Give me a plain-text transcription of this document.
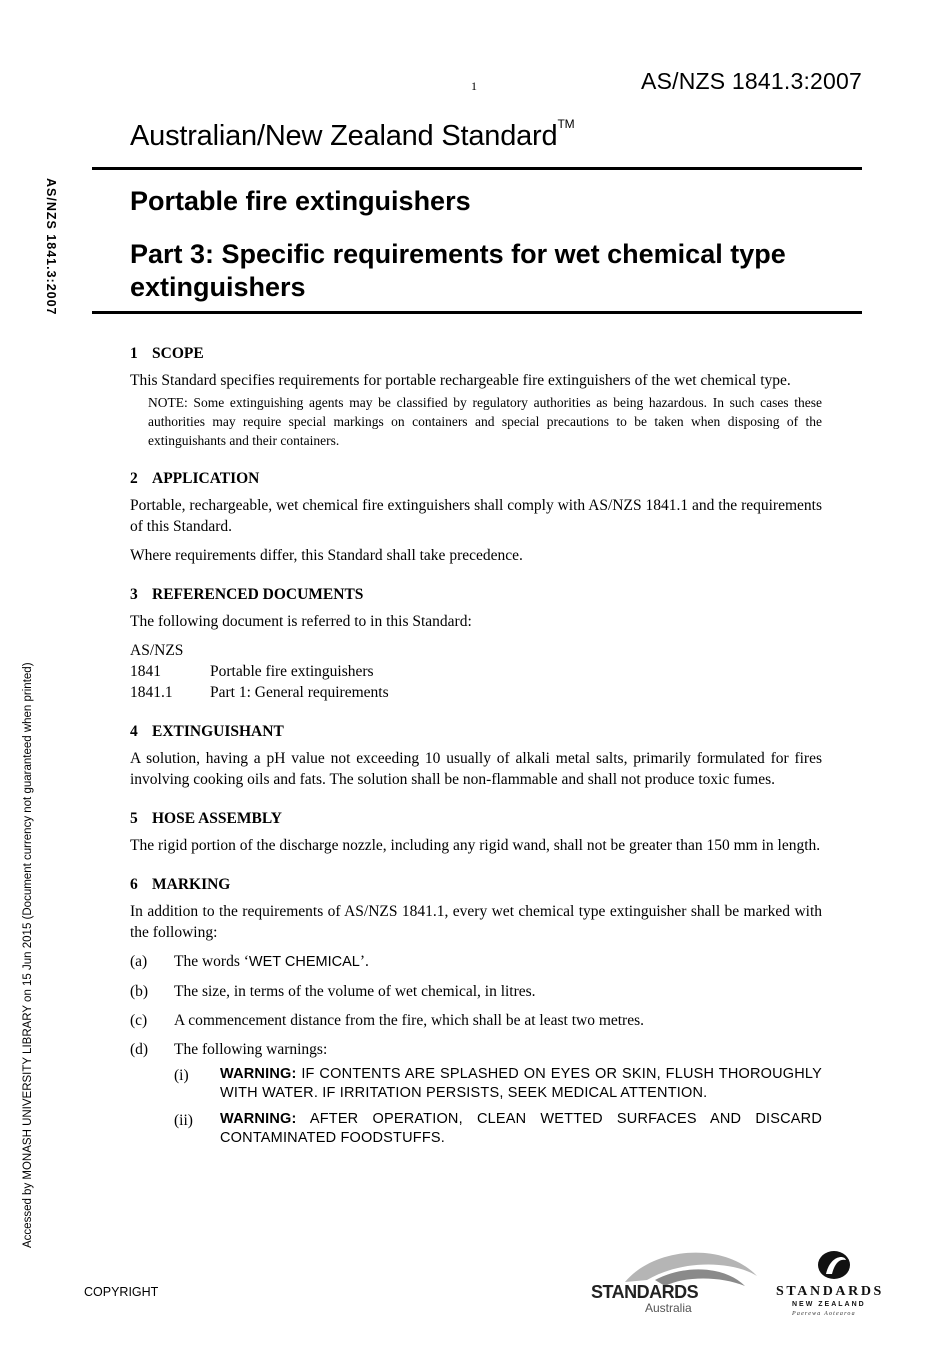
1	AS/NZS 1841.3:2007
Australian/New Zealand Standard™
Portable fire extinguishers
Part 3: Specific requirements for wet chemical type extinguishers
AS/NZS 1841.3:2007
Accessed by MONASH UNIVERSITY LIBRARY on 15 Jun 2015 (Document currency not guaranteed when printed)
1 SCOPE

This Standard specifies requirements for portable rechargeable fire extinguishers of the wet chemical type.

NOTE: Some extinguishing agents may be classified by regulatory authorities as being hazardous. In such cases these authorities may require special markings on containers and special precautions to be taken when disposing of the extinguishants and their containers.
2 APPLICATION

Portable, rechargeable, wet chemical fire extinguishers shall comply with AS/NZS 1841.1 and the requirements of this Standard.

Where requirements differ, this Standard shall take precedence.

3 REFERENCED DOCUMENTS

The following document is referred to in this Standard:

AS/NZS
1841	Portable fire extinguishers
1841.1	Part 1: General requirements
4 EXTINGUISHANT

A solution, having a pH value not exceeding 10 usually of alkali metal salts, primarily formulated for fires involving cooking oils and fats. The solution shall be non-flammable and shall not produce toxic fumes.

5 HOSE ASSEMBLY

The rigid portion of the discharge nozzle, including any rigid wand, shall not be greater than 150 mm in length.

6 MARKING

In addition to the requirements of AS/NZS 1841.1, every wet chemical type extinguisher shall be marked with the following:

(a)	The words ‘WET CHEMICAL’.
(b)	The size, in terms of the volume of wet chemical, in litres.
(c)	A commencement distance from the fire, which shall be at least two metres.
(d)	The following warnings:
(i)	WARNING: IF CONTENTS ARE SPLASHED ON EYES OR SKIN, FLUSH THOROUGHLY WITH WATER. IF IRRITATION PERSISTS, SEEK MEDICAL ATTENTION.
(ii)	WARNING: AFTER OPERATION, CLEAN WETTED SURFACES AND DISCARD CONTAMINATED FOODSTUFFS.
COPYRIGHT	STANDARDS
Australia
STANDARDS
NEW ZEALAND
Paerewa Aotearoa
